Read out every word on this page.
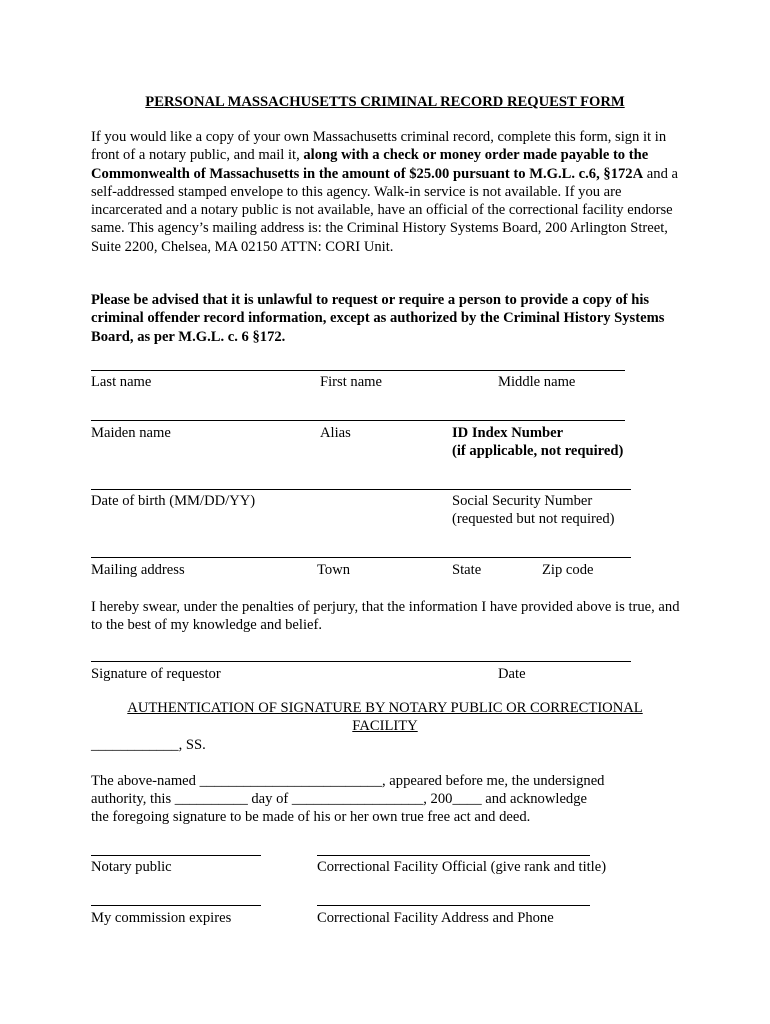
PERSONAL MASSACHUSETTS CRIMINAL RECORD REQUEST FORM
If you would like a copy of your own Massachusetts criminal record, complete this form, sign it in front of a notary public, and mail it, along with a check or money order made payable to the Commonwealth of Massachusetts in the amount of $25.00 pursuant to M.G.L. c.6, §172A and a self-addressed stamped envelope to this agency. Walk-in service is not available. If you are incarcerated and a notary public is not available, have an official of the correctional facility endorse same. This agency’s mailing address is: the Criminal History Systems Board, 200 Arlington Street, Suite 2200, Chelsea, MA 02150 ATTN: CORI Unit.
Please be advised that it is unlawful to request or require a person to provide a copy of his criminal offender record information, except as authorized by the Criminal History Systems Board, as per M.G.L. c. 6 §172.
Last name	First name	Middle name
Maiden name	Alias	ID Index Number
(if applicable, not required)
Date of birth (MM/DD/YY)	Social Security Number
(requested but not required)
Mailing address	Town	State	Zip code
I hereby swear, under the penalties of perjury, that the information I have provided above is true, and to the best of my knowledge and belief.
Signature of requestor	Date
AUTHENTICATION OF SIGNATURE BY NOTARY PUBLIC OR CORRECTIONAL
FACILITY
____________, SS.
The above-named _________________________, appeared before me, the undersigned
authority, this __________ day of __________________, 200____ and acknowledge
the foregoing signature to be made of his or her own true free act and deed.
Notary public	Correctional Facility Official (give rank and title)
My commission expires	Correctional Facility Address and Phone
